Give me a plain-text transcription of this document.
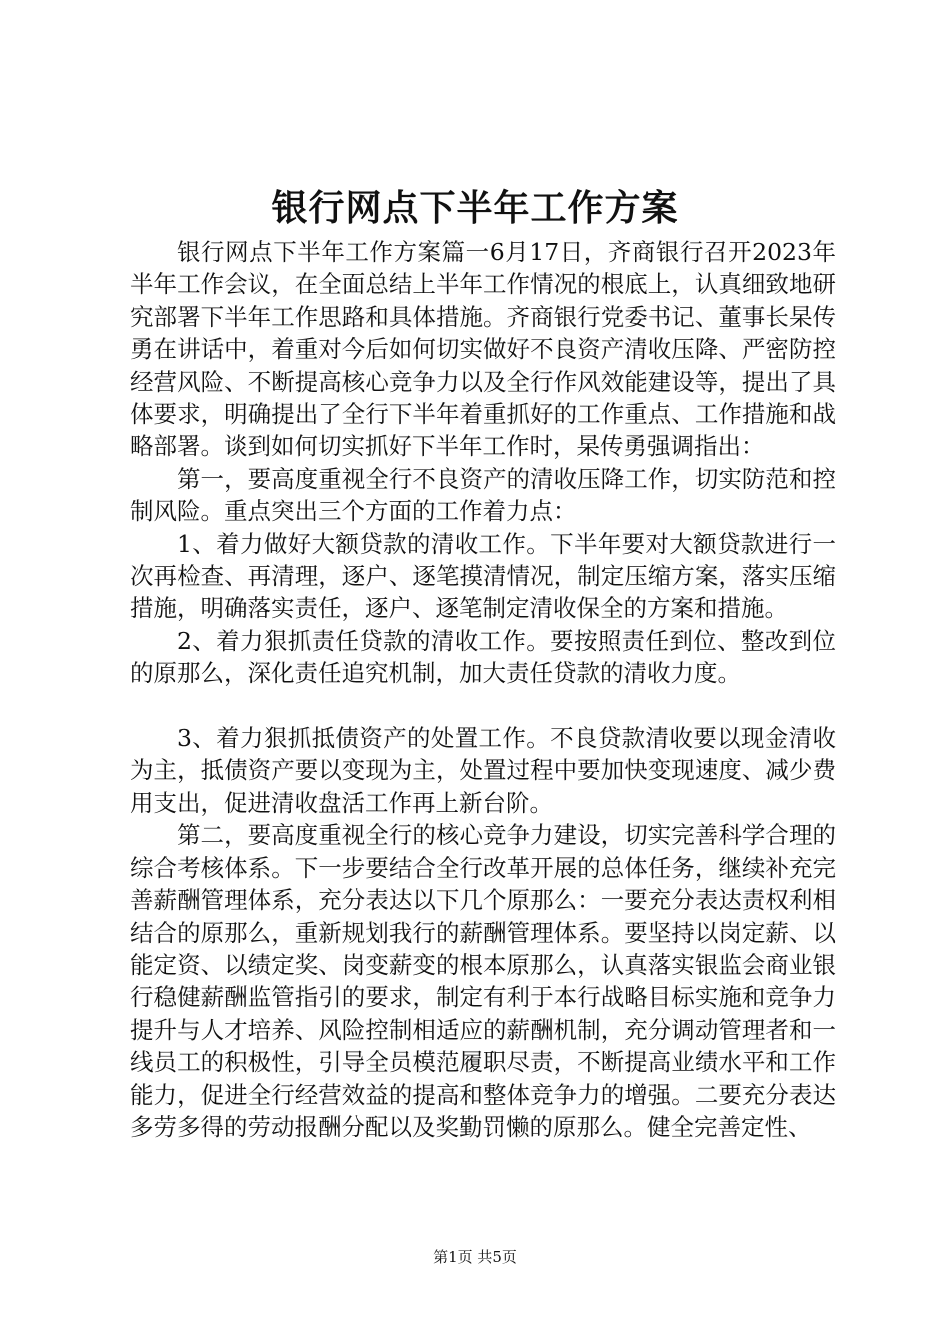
银行网点下半年工作方案

银行网点下半年工作方案篇一6月17日，齐商银行召开2023年半年工作会议，在全面总结上半年工作情况的根底上，认真细致地研究部署下半年工作思路和具体措施。齐商银行党委书记、董事长杲传勇在讲话中，着重对今后如何切实做好不良资产清收压降、严密防控经营风险、不断提高核心竞争力以及全行作风效能建设等，提出了具体要求，明确提出了全行下半年着重抓好的工作重点、工作措施和战略部署。谈到如何切实抓好下半年工作时，杲传勇强调指出：

第一，要高度重视全行不良资产的清收压降工作，切实防范和控制风险。重点突出三个方面的工作着力点：

1、着力做好大额贷款的清收工作。下半年要对大额贷款进行一次再检查、再清理，逐户、逐笔摸清情况，制定压缩方案，落实压缩措施，明确落实责任，逐户、逐笔制定清收保全的方案和措施。

2、着力狠抓责任贷款的清收工作。要按照责任到位、整改到位的原那么，深化责任追究机制，加大责任贷款的清收力度。

3、着力狠抓抵债资产的处置工作。不良贷款清收要以现金清收为主，抵债资产要以变现为主，处置过程中要加快变现速度、减少费用支出，促进清收盘活工作再上新台阶。

第二，要高度重视全行的核心竞争力建设，切实完善科学合理的综合考核体系。下一步要结合全行改革开展的总体任务，继续补充完善薪酬管理体系，充分表达以下几个原那么：一要充分表达责权利相结合的原那么，重新规划我行的薪酬管理体系。要坚持以岗定薪、以能定资、以绩定奖、岗变薪变的根本原那么，认真落实银监会商业银行稳健薪酬监管指引的要求，制定有利于本行战略目标实施和竞争力提升与人才培养、风险控制相适应的薪酬机制，充分调动管理者和一线员工的积极性，引导全员模范履职尽责，不断提高业绩水平和工作能力，促进全行经营效益的提高和整体竞争力的增强。二要充分表达多劳多得的劳动报酬分配以及奖勤罚懒的原那么。健全完善定性、

第1页 共5页
